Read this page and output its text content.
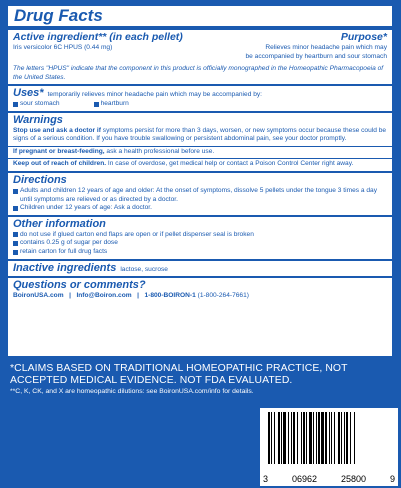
Drug Facts
Active ingredient** (in each pellet)	Purpose*
Iris versicolor 6C HPUS (0.44 mg)	Relieves minor headache pain which may
be accompanied by heartburn and sour stomach
The letters "HPUS" indicate that the component in this product is officially monographed in the Homeopathic Pharmacopoeia of the United States.
Uses* temporarily relieves minor headache pain which may be accompanied by:
sour stomach	heartburn
Warnings
Stop use and ask a doctor if symptoms persist for more than 3 days, worsen, or new symptoms occur because these could be signs of a serious condition. If you have trouble swallowing or persistent abdominal pain, see your doctor promptly.
If pregnant or breast-feeding, ask a health professional before use.
Keep out of reach of children. In case of overdose, get medical help or contact a Poison Control Center right away.
Directions
Adults and children 12 years of age and older: At the onset of symptoms, dissolve 5 pellets under the tongue 3 times a day until symptoms are relieved or as directed by a doctor.
Children under 12 years of age: Ask a doctor.
Other information
do not use if glued carton end flaps are open or if pellet dispenser seal is broken
contains 0.25 g of sugar per dose
retain carton for full drug facts
Inactive ingredients lactose, sucrose
Questions or comments?
BoironUSA.com   |   Info@Boiron.com   |   1-800-BOIRON-1 (1-800-264-7661)
*CLAIMS BASED ON TRADITIONAL HOMEOPATHIC PRACTICE, NOT ACCEPTED MEDICAL EVIDENCE. NOT FDA EVALUATED.
**C, K, CK, and X are homeopathic dilutions: see BoironUSA.com/info for details.
3	06962	25800	9
